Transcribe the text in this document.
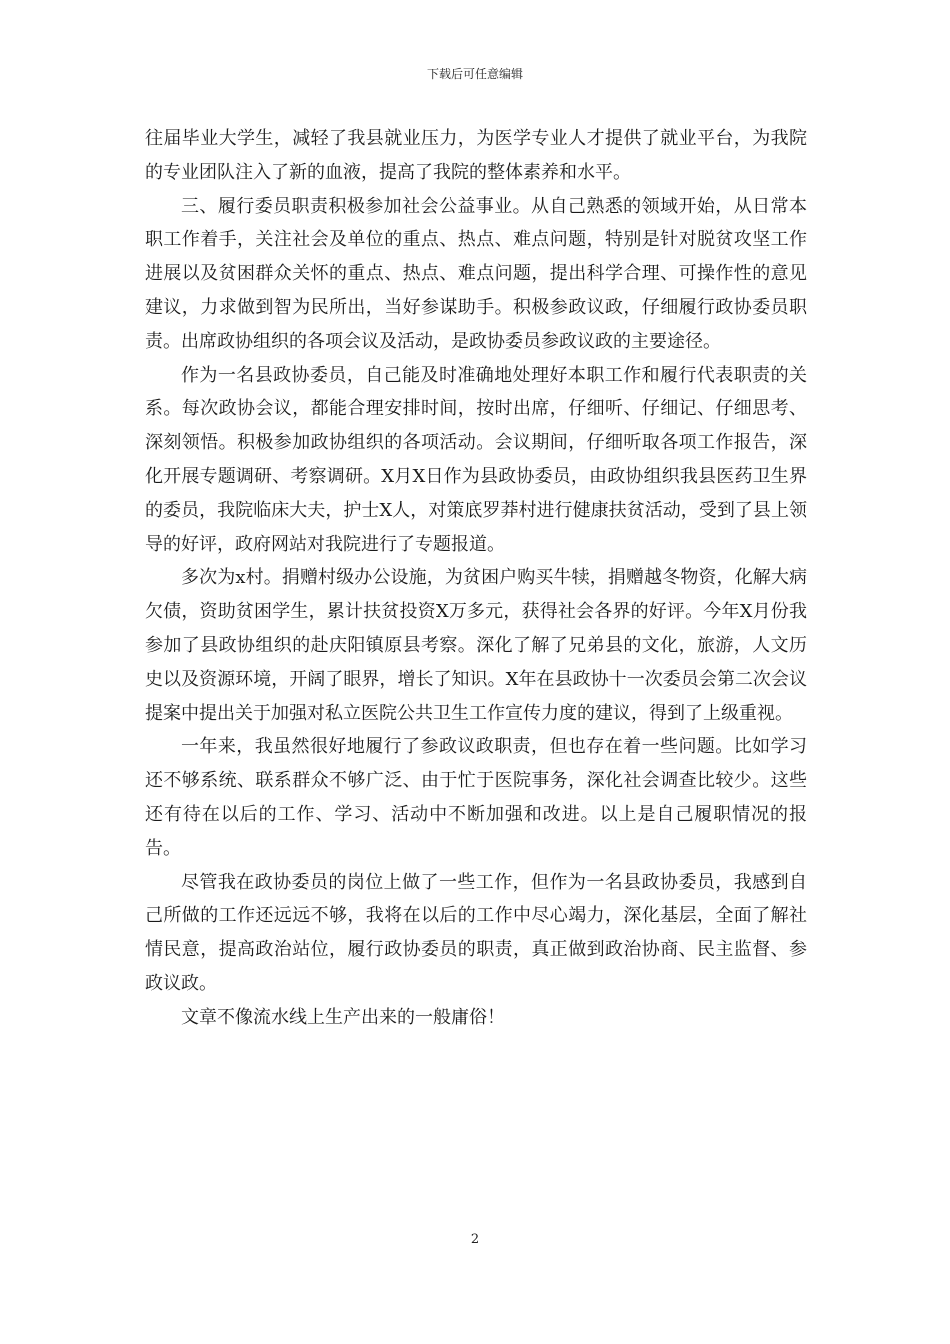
下载后可任意编辑

往届毕业大学生，减轻了我县就业压力，为医学专业人才提供了就业平台，为我院的专业团队注入了新的血液，提高了我院的整体素养和水平。

三、履行委员职责积极参加社会公益事业。从自己熟悉的领域开始，从日常本职工作着手，关注社会及单位的重点、热点、难点问题，特别是针对脱贫攻坚工作进展以及贫困群众关怀的重点、热点、难点问题，提出科学合理、可操作性的意见建议，力求做到智为民所出，当好参谋助手。积极参政议政，仔细履行政协委员职责。出席政协组织的各项会议及活动，是政协委员参政议政的主要途径。

作为一名县政协委员，自己能及时准确地处理好本职工作和履行代表职责的关系。每次政协会议，都能合理安排时间，按时出席，仔细听、仔细记、仔细思考、深刻领悟。积极参加政协组织的各项活动。会议期间，仔细听取各项工作报告，深化开展专题调研、考察调研。X月X日作为县政协委员，由政协组织我县医药卫生界的委员，我院临床大夫，护士X人，对策底罗莽村进行健康扶贫活动，受到了县上领导的好评，政府网站对我院进行了专题报道。

多次为x村。捐赠村级办公设施，为贫困户购买牛犊，捐赠越冬物资，化解大病欠债，资助贫困学生，累计扶贫投资X万多元，获得社会各界的好评。今年X月份我参加了县政协组织的赴庆阳镇原县考察。深化了解了兄弟县的文化，旅游，人文历史以及资源环境，开阔了眼界，增长了知识。X年在县政协十一次委员会第二次会议提案中提出关于加强对私立医院公共卫生工作宣传力度的建议，得到了上级重视。

一年来，我虽然很好地履行了参政议政职责，但也存在着一些问题。比如学习还不够系统、联系群众不够广泛、由于忙于医院事务，深化社会调查比较少。这些还有待在以后的工作、学习、活动中不断加强和改进。以上是自己履职情况的报告。

尽管我在政协委员的岗位上做了一些工作，但作为一名县政协委员，我感到自己所做的工作还远远不够，我将在以后的工作中尽心竭力，深化基层，全面了解社情民意，提高政治站位，履行政协委员的职责，真正做到政治协商、民主监督、参政议政。

文章不像流水线上生产出来的一般庸俗！

2
